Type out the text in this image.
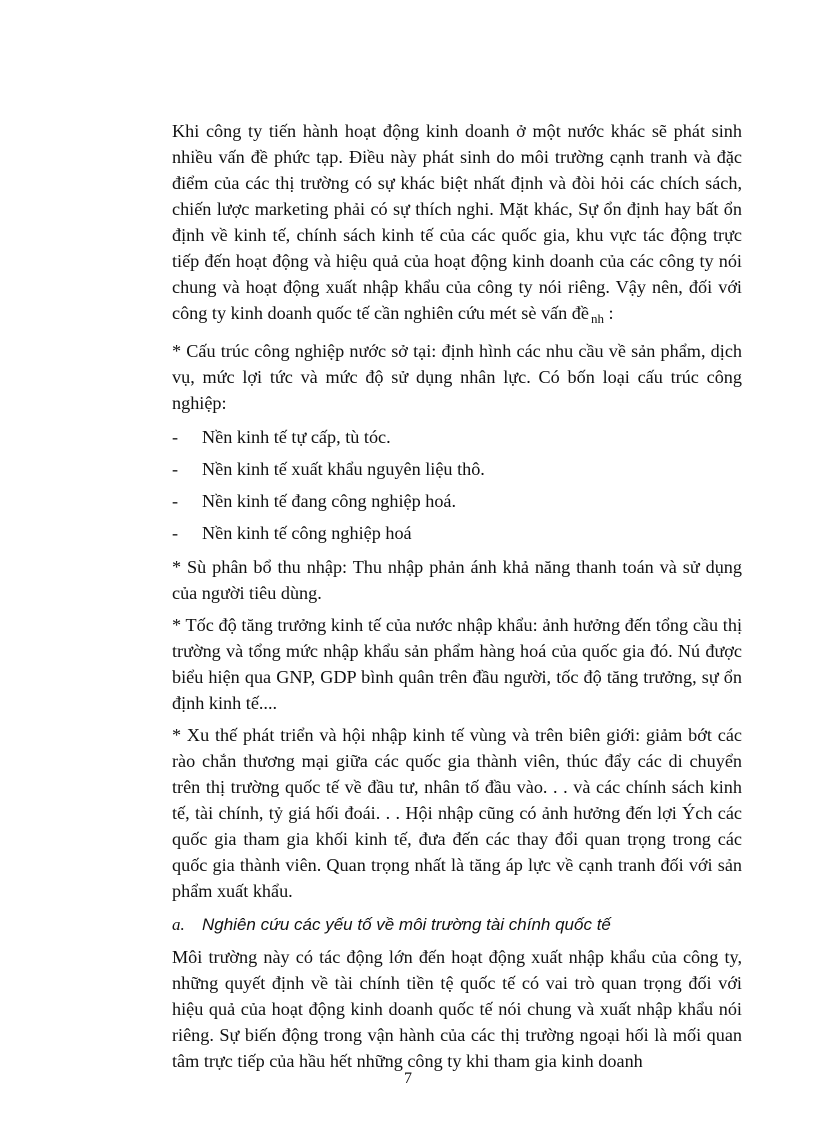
Khi công ty tiến hành hoạt động kinh doanh ở một nước khác sẽ phát sinh nhiều vấn đề phức tạp. Điều này phát sinh do môi trường cạnh tranh và đặc điểm của các thị trường có sự khác biệt nhất định và đòi hỏi các chích sách, chiến lược marketing phải có sự thích nghi. Mặt khác, Sự ổn định hay bất ổn định về kinh tế, chính sách kinh tế của các quốc gia, khu vực tác động trực tiếp đến hoạt động và hiệu quả của hoạt động kinh doanh của các công ty nói chung và hoạt động xuất nhập khẩu của công ty nói riêng. Vậy nên, đối với công ty kinh doanh quốc tế cần nghiên cứu mét sè vấn đề $_{nh}$ :

* Cấu trúc công nghiệp nước sở tại: định hình các nhu cầu về sản phẩm, dịch vụ, mức lợi tức và mức độ sử dụng nhân lực. Có bốn loại cấu trúc công nghiệp:

-	Nền kinh tế tự cấp, tù tóc.
-	Nền kinh tế xuất khẩu nguyên liệu thô.
-	Nền kinh tế đang công nghiệp hoá.
-	Nền kinh tế công nghiệp hoá

* Sù phân bổ thu nhập: Thu nhập phản ánh khả năng thanh toán và sử dụng của người tiêu dùng.

* Tốc độ tăng trưởng kinh tế của nước nhập khẩu: ảnh hưởng đến tổng cầu thị trường và tổng mức nhập khẩu sản phẩm hàng hoá của quốc gia đó. Nú được biểu hiện qua GNP, GDP bình quân trên đầu người, tốc độ tăng trưởng, sự ổn định kinh tế....

* Xu thế phát triển và hội nhập kinh tế vùng và trên biên giới: giảm bớt các rào chắn thương mại giữa các quốc gia thành viên, thúc đẩy các di chuyển trên thị trường quốc tế về đầu tư, nhân tố đầu vào. . . và các chính sách kinh tế, tài chính, tỷ giá hối đoái. . . Hội nhập cũng có ảnh hưởng đến lợi Ých các quốc gia tham gia khối kinh tế, đưa đến các thay đổi quan trọng trong các quốc gia thành viên. Quan trọng nhất là tăng áp lực về cạnh tranh đối với sản phẩm xuất khẩu.

a. Nghiên cứu các yếu tố về môi trường tài chính quốc tế

Môi trường này có tác động lớn đến hoạt động xuất nhập khẩu của công ty, những quyết định về tài chính tiền tệ quốc tế có vai trò quan trọng đối với hiệu quả của hoạt động kinh doanh quốc tế nói chung và xuất nhập khẩu nói riêng. Sự biến động trong vận hành của các thị trường ngoại hối là mối quan tâm trực tiếp của hầu hết những công ty khi tham gia kinh doanh

7
